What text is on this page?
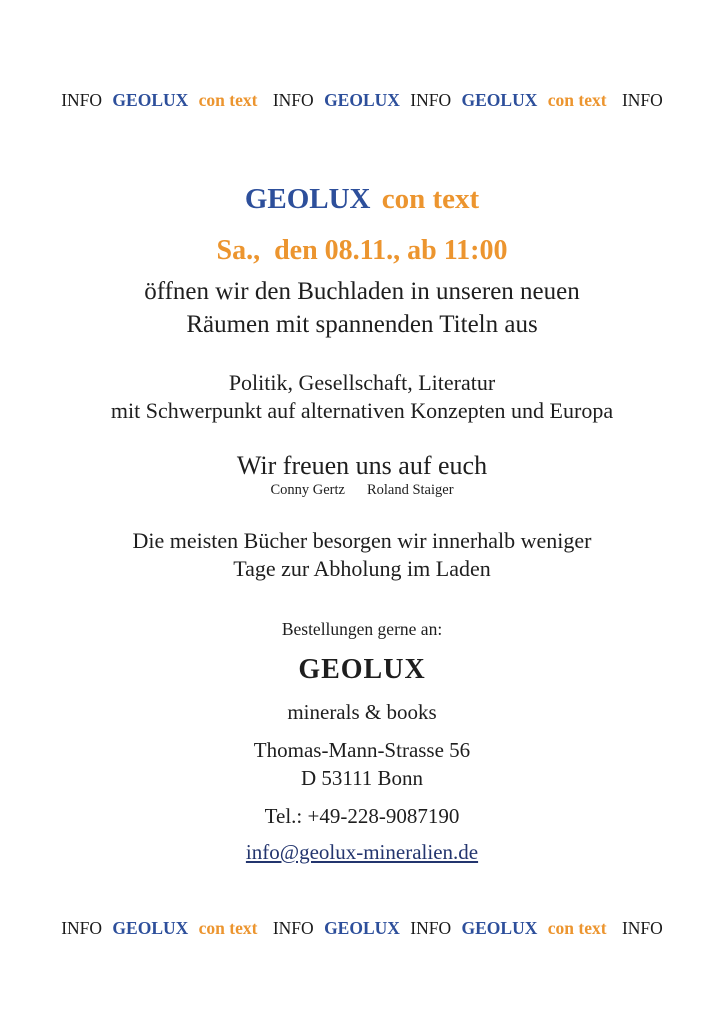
INFO GEOLUX con text INFO GEOLUX INFO GEOLUX con text INFO
GEOLUX con text
Sa.,  den 08.11., ab 11:00
öffnen wir den Buchladen in unseren neuen
Räumen mit spannenden Titeln aus
Politik, Gesellschaft, Literatur
mit Schwerpunkt auf alternativen Konzepten und Europa
Wir freuen uns auf euch
Conny Gertz Roland Staiger
Die meisten Bücher besorgen wir innerhalb weniger
Tage zur Abholung im Laden
Bestellungen gerne an:
GEOLUX
minerals & books
Thomas-Mann-Strasse 56
D 53111 Bonn
Tel.: +49-228-9087190
info@geolux-mineralien.de
INFO GEOLUX con text INFO GEOLUX INFO GEOLUX con text INFO
